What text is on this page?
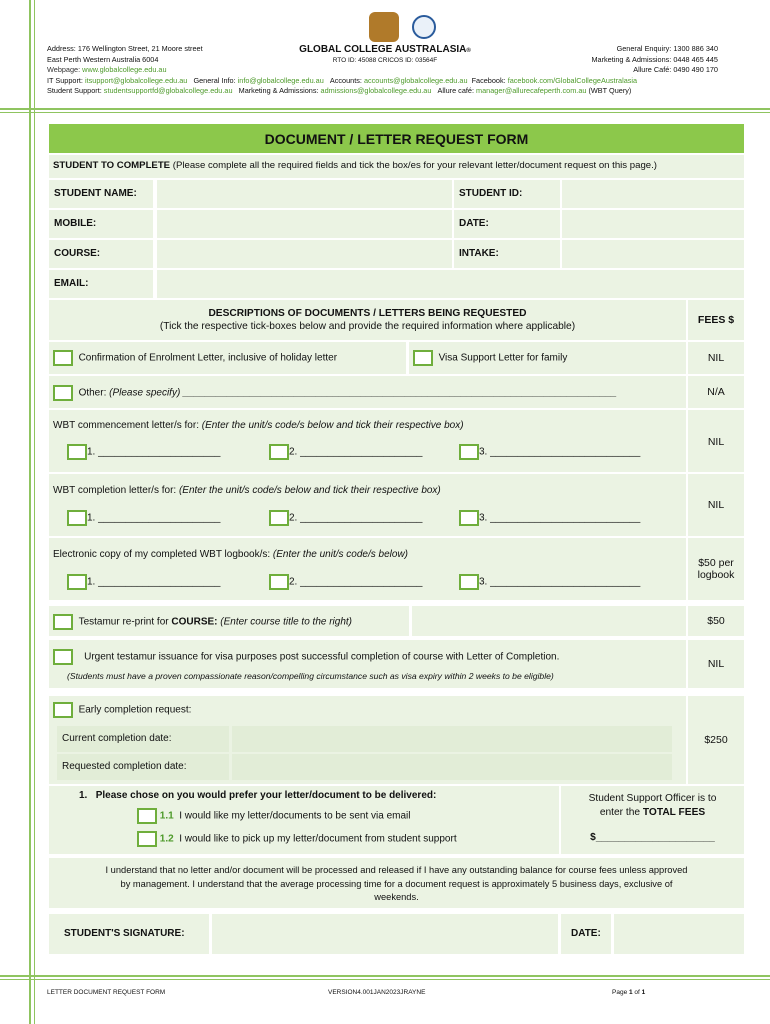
Address: 176 Wellington Street, 21 Moore street
East Perth Western Australia 6004
Webpage: www.globalcollege.edu.au
IT Support: itsupport@globalcollege.edu.au General Info: info@globalcollege.edu.au Accounts: accounts@globalcollege.edu.au Facebook: facebook.com/GlobalCollegeAustralasia
Student Support: studentsupportfd@globalcollege.edu.au Marketing & Admissions: admissions@globalcollege.edu.au Allure café: manager@allurecafeperth.com.au (WBT Query)
GLOBAL COLLEGE AUSTRALASIA®
RTO ID: 45088 CRICOS ID: 03564F
General Enquiry: 1300 886 340
Marketing & Admissions: 0448 465 445
Allure Café: 0490 490 170
DOCUMENT / LETTER REQUEST FORM
STUDENT TO COMPLETE (Please complete all the required fields and tick the box/es for your relevant letter/document request on this page.)
STUDENT NAME:	STUDENT ID:
MOBILE:	DATE:
COURSE:	INTAKE:
EMAIL:
DESCRIPTIONS OF DOCUMENTS / LETTERS BEING REQUESTED
(Tick the respective tick-boxes below and provide the required information where applicable)
FEES $
Confirmation of Enrolment Letter, inclusive of holiday letter	Visa Support Letter for family	NIL
Other: (Please specify) ______________________________________________________________________________	N/A
WBT commencement letter/s for: (Enter the unit/s code/s below and tick their respective box)
1. ______________________	2. ______________________	3. ___________________________
NIL
WBT completion letter/s for: (Enter the unit/s code/s below and tick their respective box)
1. ______________________	2. ______________________	3. ___________________________
NIL
Electronic copy of my completed WBT logbook/s: (Enter the unit/s code/s below)
1. ______________________	2. ______________________	3. ___________________________
$50 per
logbook
Testamur re-print for COURSE: (Enter course title to the right)	$50
Urgent testamur issuance for visa purposes post successful completion of course with Letter of Completion.
(Students must have a proven compassionate reason/compelling circumstance such as visa expiry within 2 weeks to be eligible)
NIL
Early completion request:
Current completion date:
Requested completion date:
$250
1. Please chose on you would prefer your letter/document to be delivered:
1.1 I would like my letter/documents to be sent via email
1.2 I would like to pick up my letter/document from student support
Student Support Officer is to
enter the TOTAL FEES
$_____________________
I understand that no letter and/or document will be processed and released if I have any outstanding balance for course fees unless approved
by management. I understand that the average processing time for a document request is approximately 5 business days, exclusive of
weekends.
STUDENT'S SIGNATURE:	DATE:
LETTER DOCUMENT REQUEST FORM	VERSION4.001JAN2023JRAYNE	Page 1 of 1
